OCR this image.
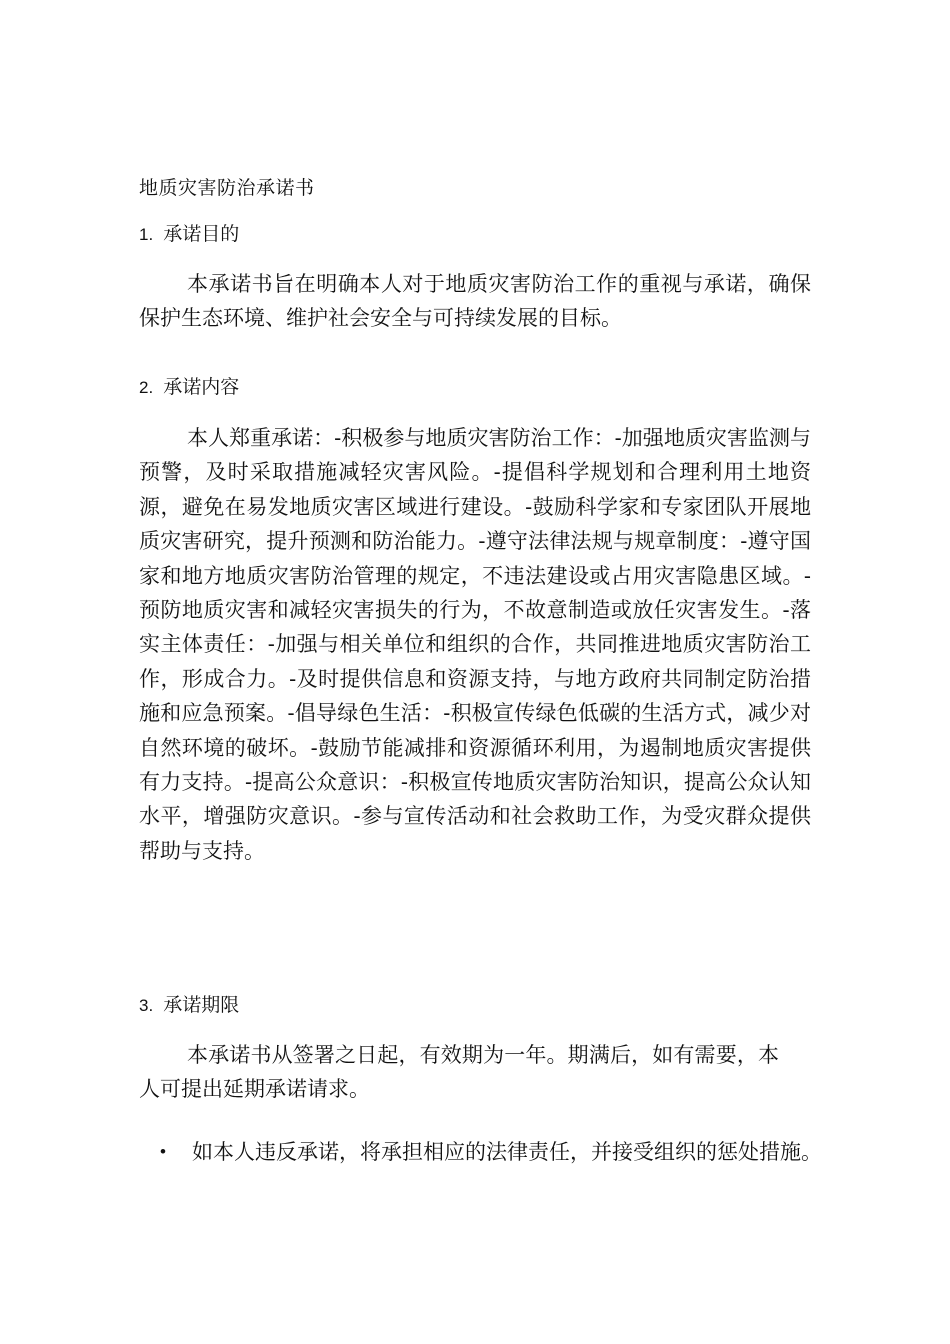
地质灾害防治承诺书
1. 承诺目的

本承诺书旨在明确本人对于地质灾害防治工作的重视与承诺，确保保护生态环境、维护社会安全与可持续发展的目标。

2. 承诺内容

本人郑重承诺：-积极参与地质灾害防治工作：-加强地质灾害监测与预警，及时采取措施减轻灾害风险。-提倡科学规划和合理利用土地资源，避免在易发地质灾害区域进行建设。-鼓励科学家和专家团队开展地质灾害研究，提升预测和防治能力。-遵守法律法规与规章制度：-遵守国家和地方地质灾害防治管理的规定，不违法建设或占用灾害隐患区域。-预防地质灾害和减轻灾害损失的行为，不故意制造或放任灾害发生。-落实主体责任：-加强与相关单位和组织的合作，共同推进地质灾害防治工作，形成合力。-及时提供信息和资源支持，与地方政府共同制定防治措施和应急预案。-倡导绿色生活：-积极宣传绿色低碳的生活方式，减少对自然环境的破坏。-鼓励节能减排和资源循环利用，为遏制地质灾害提供有力支持。-提高公众意识：-积极宣传地质灾害防治知识，提高公众认知水平，增强防灾意识。-参与宣传活动和社会救助工作，为受灾群众提供帮助与支持。

3. 承诺期限

本承诺书从签署之日起，有效期为一年。期满后，如有需要，本人可提出延期承诺请求。

• 如本人违反承诺，将承担相应的法律责任，并接受组织的惩处措施。
